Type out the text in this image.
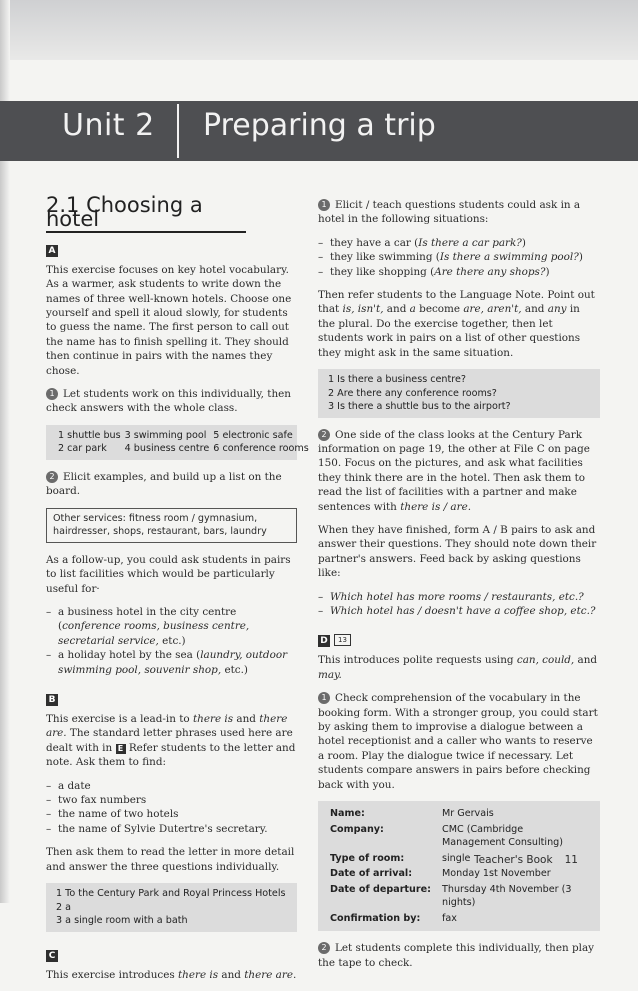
Unit 2 Preparing a trip
2.1 Choosing a hotel
A

This exercise focuses on key hotel vocabulary. As a warmer, ask students to write down the names of three well-known hotels. Choose one yourself and spell it aloud slowly, for students to guess the name. The first person to call out the name has to finish spelling it. They should then continue in pairs with the names they chose.

1 Let students work on this individually, then check answers with the whole class.

1 shuttle bus	3 swimming pool	5 electronic safe
2 car park	4 business centre	6 conference rooms

2 Elicit examples, and build up a list on the board.

Other services: fitness room / gymnasium, hairdresser, shops, restaurant, bars, laundry

As a follow-up, you could ask students in pairs to list facilities which would be particularly useful for·

– a business hotel in the city centre (conference rooms, business centre, secretarial service, etc.)
– a holiday hotel by the sea (laundry, outdoor swimming pool, souvenir shop, etc.)
B

This exercise is a lead-in to there is and there are. The standard letter phrases used here are dealt with in E Refer students to the letter and note. Ask them to find:

– a date
– two fax numbers
– the name of two hotels
– the name of Sylvie Dutertre's secretary.

Then ask them to read the letter in more detail and answer the three questions individually.

1 To the Century Park and Royal Princess Hotels
2 a
3 a single room with a bath
C

This exercise introduces there is and there are.

1 Elicit / teach questions students could ask in a hotel in the following situations:

– they have a car (Is there a car park?)
– they like swimming (Is there a swimming pool?)
– they like shopping (Are there any shops?)

Then refer students to the Language Note. Point out that is, isn't, and a become are, aren't, and any in the plural. Do the exercise together, then let students work in pairs on a list of other questions they might ask in the same situation.

1 Is there a business centre?
2 Are there any conference rooms?
3 Is there a shuttle bus to the airport?

2 One side of the class looks at the Century Park information on page 19, the other at File C on page 150. Focus on the pictures, and ask what facilities they think there are in the hotel. Then ask them to read the list of facilities with a partner and make sentences with there is / are.

When they have finished, form A / B pairs to ask and answer their questions. They should note down their partner's answers. Feed back by asking questions like:

– Which hotel has more rooms / restaurants, etc.?
– Which hotel has / doesn't have a coffee shop, etc.?
D 13

This introduces polite requests using can, could, and may.

1 Check comprehension of the vocabulary in the booking form. With a stronger group, you could start by asking them to improvise a dialogue between a hotel receptionist and a caller who wants to reserve a room. Play the dialogue twice if necessary. Let students compare answers in pairs before checking back with you.

Name:	Mr Gervais
Company:	CMC (Cambridge Management Consulting)
Type of room:	single
Date of arrival:	Monday 1st November
Date of departure:	Thursday 4th November (3 nights)
Confirmation by:	fax

2 Let students complete this individually, then play the tape to check.

Teacher's Book 11
